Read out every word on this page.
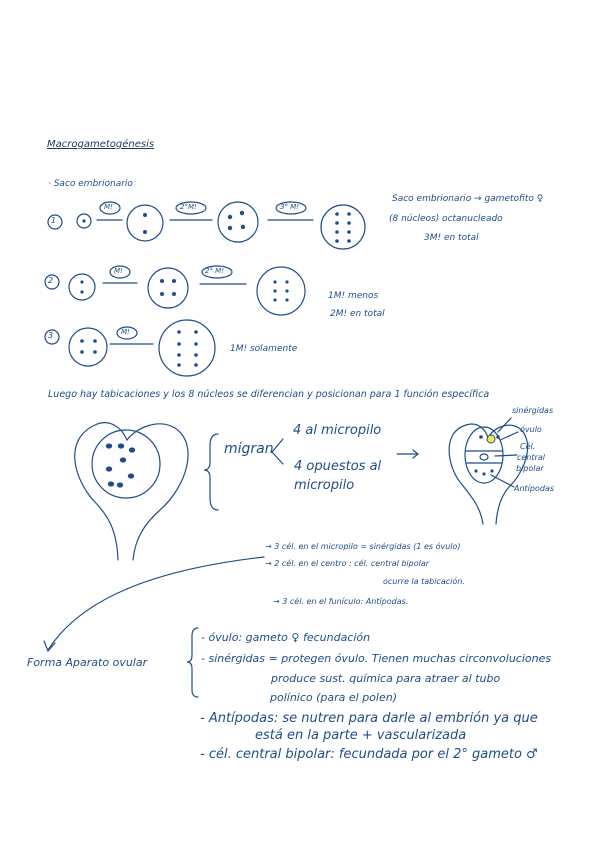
Macrogametogénesis
· Saco embrionario
1
M!	2°M!	3° M!
2
M!	2° M!
3	M!
Saco embrionario → gametofito ♀
(8 núcleos) octanucleado
3M! en total
1M! menos
2M! en total
1M! solamente
Luego hay tabicaciones y los 8 núcleos se diferencian y posicionan para 1 función específica
migran
4 al micropilo
4 opuestos al
micropilo
sinérgidas
óvulo
Cél.
central
bipolar
Antípodas
→ 3 cél. en el micropilo = sinérgidas (1 es óvulo)
→ 2 cél. en el centro : cél. central bipolar
ocurre la tabicación.
→ 3 cél. en el funículo: Antípodas.
Forma Aparato ovular
- óvulo: gameto ♀ fecundación
- sinérgidas = protegen óvulo. Tienen muchas circonvoluciones
produce sust. química para atraer al tubo
polínico (para el polen)
- Antípodas: se nutren para darle al embrión ya que
está en la parte + vascularizada
- cél. central bipolar: fecundada por el 2° gameto ♂
